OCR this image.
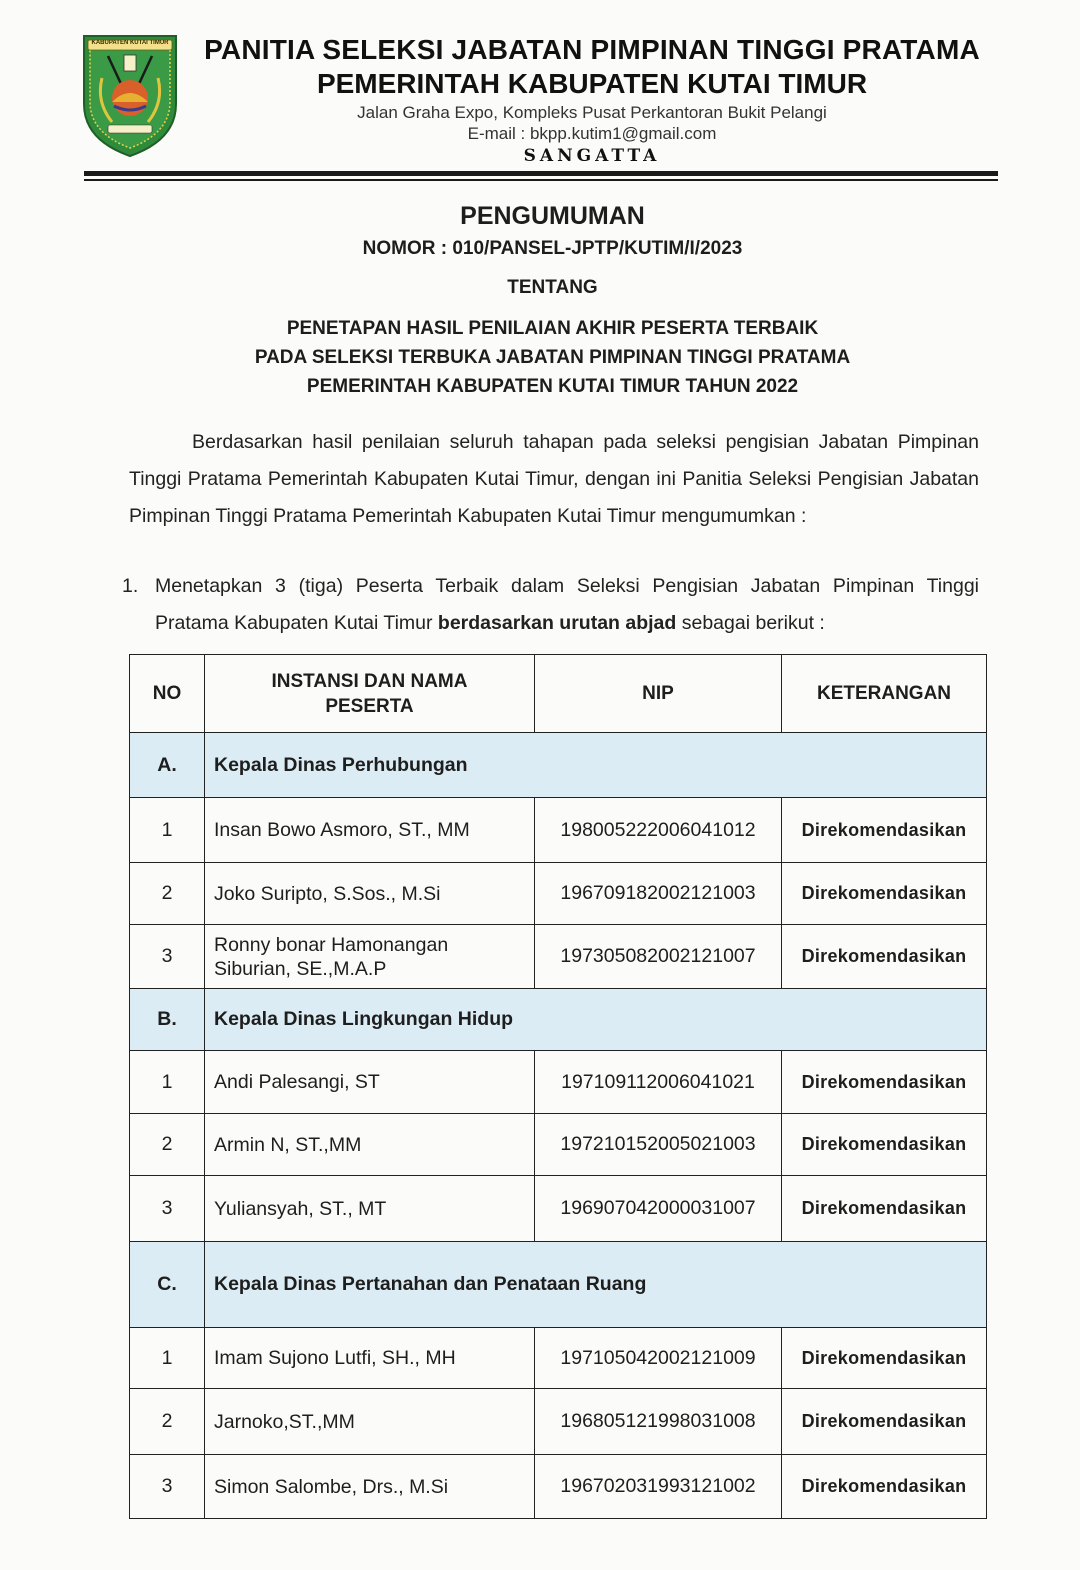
KABUPATEN KUTAI TIMUR	PANITIA SELEKSI JABATAN PIMPINAN TINGGI PRATAMA
PEMERINTAH KABUPATEN KUTAI TIMUR
Jalan Graha Expo, Kompleks Pusat Perkantoran Bukit Pelangi
E-mail : bkpp.kutim1@gmail.com
SANGATTA
PENGUMUMAN
NOMOR : 010/PANSEL-JPTP/KUTIM/I/2023
TENTANG
PENETAPAN HASIL PENILAIAN AKHIR PESERTA TERBAIK
PADA SELEKSI TERBUKA JABATAN PIMPINAN TINGGI PRATAMA
PEMERINTAH KABUPATEN KUTAI TIMUR TAHUN 2022
Berdasarkan hasil penilaian seluruh tahapan pada seleksi pengisian Jabatan Pimpinan Tinggi Pratama Pemerintah Kabupaten Kutai Timur, dengan ini Panitia Seleksi Pengisian Jabatan Pimpinan Tinggi Pratama Pemerintah Kabupaten Kutai Timur mengumumkan :
1. Menetapkan 3 (tiga) Peserta Terbaik dalam Seleksi Pengisian Jabatan Pimpinan Tinggi Pratama Kabupaten Kutai Timur berdasarkan urutan abjad sebagai berikut :
NO	INSTANSI DAN NAMA
PESERTA	NIP	KETERANGAN
A.	Kepala Dinas Perhubungan		
1	Insan Bowo Asmoro, ST., MM	198005222006041012	Direkomendasikan
2	Joko Suripto, S.Sos., M.Si	196709182002121003	Direkomendasikan
3	Ronny bonar Hamonangan
Siburian, SE.,M.A.P	197305082002121007	Direkomendasikan
B.	Kepala Dinas Lingkungan Hidup		
1	Andi Palesangi, ST	197109112006041021	Direkomendasikan
2	Armin N, ST.,MM	197210152005021003	Direkomendasikan
3	Yuliansyah, ST., MT	196907042000031007	Direkomendasikan
C.	Kepala Dinas Pertanahan dan Penataan Ruang		
1	Imam Sujono Lutfi, SH., MH	197105042002121009	Direkomendasikan
2	Jarnoko,ST.,MM	196805121998031008	Direkomendasikan
3	Simon Salombe, Drs., M.Si	196702031993121002	Direkomendasikan
